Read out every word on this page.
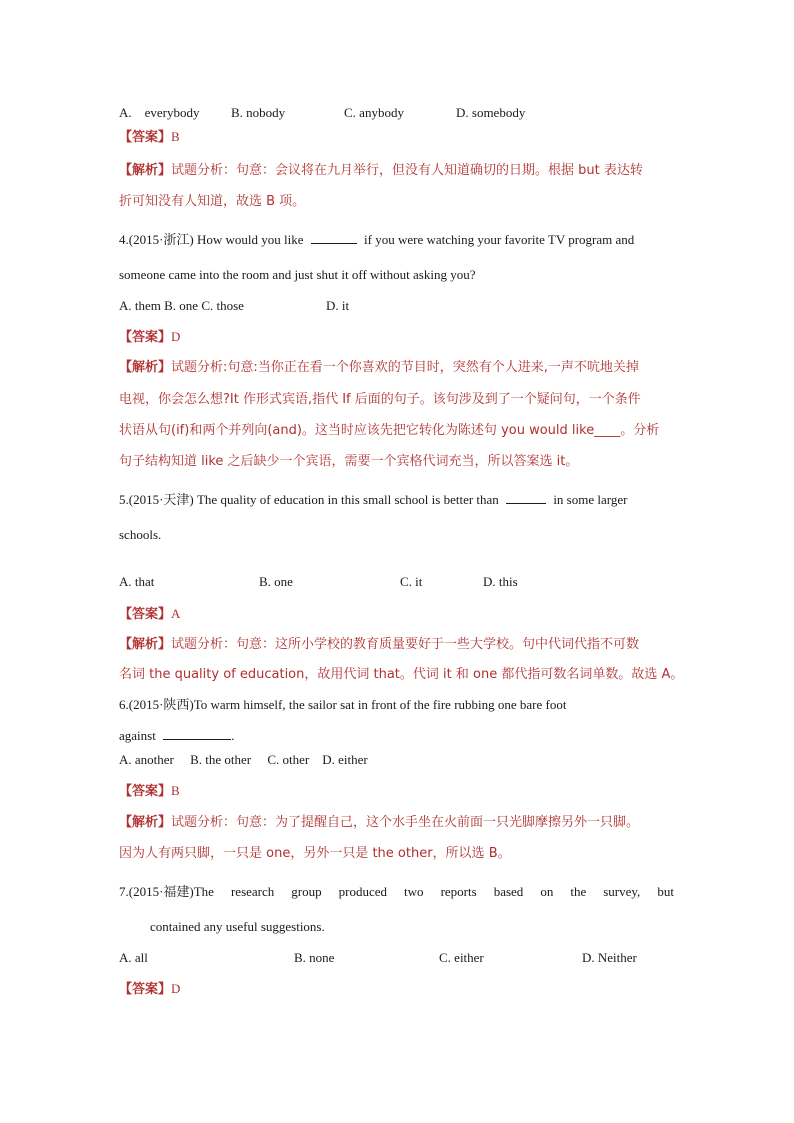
A.　everybody B. nobody	C. anybody	D. somebody
【答案】B
【解析】试题分析：句意：会议将在九月举行，但没有人知道确切的日期。根据 but 表达转
折可知没有人知道，故选 B 项。
4.(2015·浙江) How would you like	if you were watching your favorite TV program and
someone came into the room and just shut it off without asking you?
A. them B. one C. those	D. it
【答案】D
【解析】试题分析:句意:当你正在看一个你喜欢的节目时，突然有个人进来,一声不吭地关掉
电视，你会怎么想?It 作形式宾语,指代 If 后面的句子。该句涉及到了一个疑问句，一个条件
状语从句(if)和两个并列向(and)。这当时应该先把它转化为陈述句 you would like____。分析
句子结构知道 like 之后缺少一个宾语，需要一个宾格代词充当，所以答案选 it。
5.(2015·天津) The quality of education in this small school is better than	in some larger
schools.
A. that	B. one	C. it	D. this
【答案】A
【解析】试题分析：句意：这所小学校的教育质量要好于一些大学校。句中代词代指不可数
名词 the quality of education，故用代词 that。代词 it 和 one 都代指可数名词单数。故选 A。
6.(2015·陕西)To warm himself, the sailor sat in front of the fire rubbing one bare foot
against	.
A. another　 B. the other　 C. other　D. either
【答案】B
【解析】试题分析：句意：为了提醒自己，这个水手坐在火前面一只光脚摩擦另外一只脚。
因为人有两只脚，一只是 one，另外一只是 the other，所以选 B。
7.(2015·福建)The research group produced two reports based on the survey, but
contained any useful suggestions.
A. all	B. none	C. either	D. Neither
【答案】D
